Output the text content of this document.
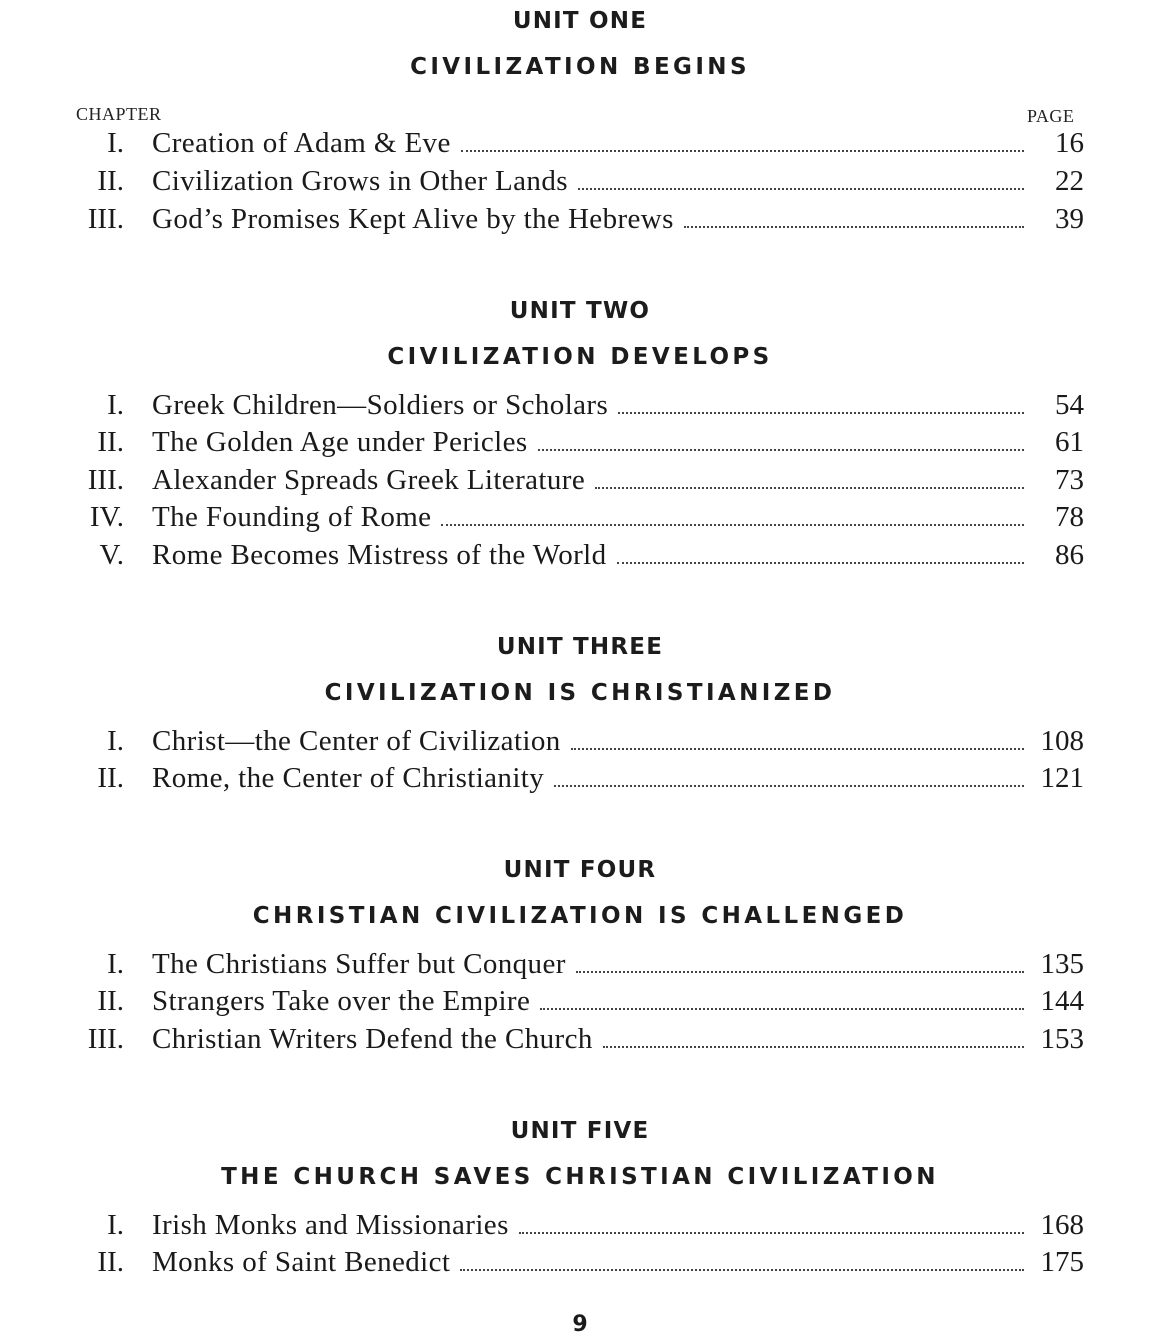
CHAPTER	PAGE
UNIT ONE
CIVILIZATION BEGINS
I. Creation of Adam & Eve	16
II. Civilization Grows in Other Lands	22
III. God’s Promises Kept Alive by the Hebrews	39
UNIT TWO
CIVILIZATION DEVELOPS
I. Greek Children—Soldiers or Scholars	54
II. The Golden Age under Pericles	61
III. Alexander Spreads Greek Literature	73
IV. The Founding of Rome	78
V. Rome Becomes Mistress of the World	86
UNIT THREE
CIVILIZATION IS CHRISTIANIZED
I. Christ—the Center of Civilization	108
II. Rome, the Center of Christianity	121
UNIT FOUR
CHRISTIAN CIVILIZATION IS CHALLENGED
I. The Christians Suffer but Conquer	135
II. Strangers Take over the Empire	144
III. Christian Writers Defend the Church	153
UNIT FIVE
THE CHURCH SAVES CHRISTIAN CIVILIZATION
I. Irish Monks and Missionaries	168
II. Monks of Saint Benedict	175
9
